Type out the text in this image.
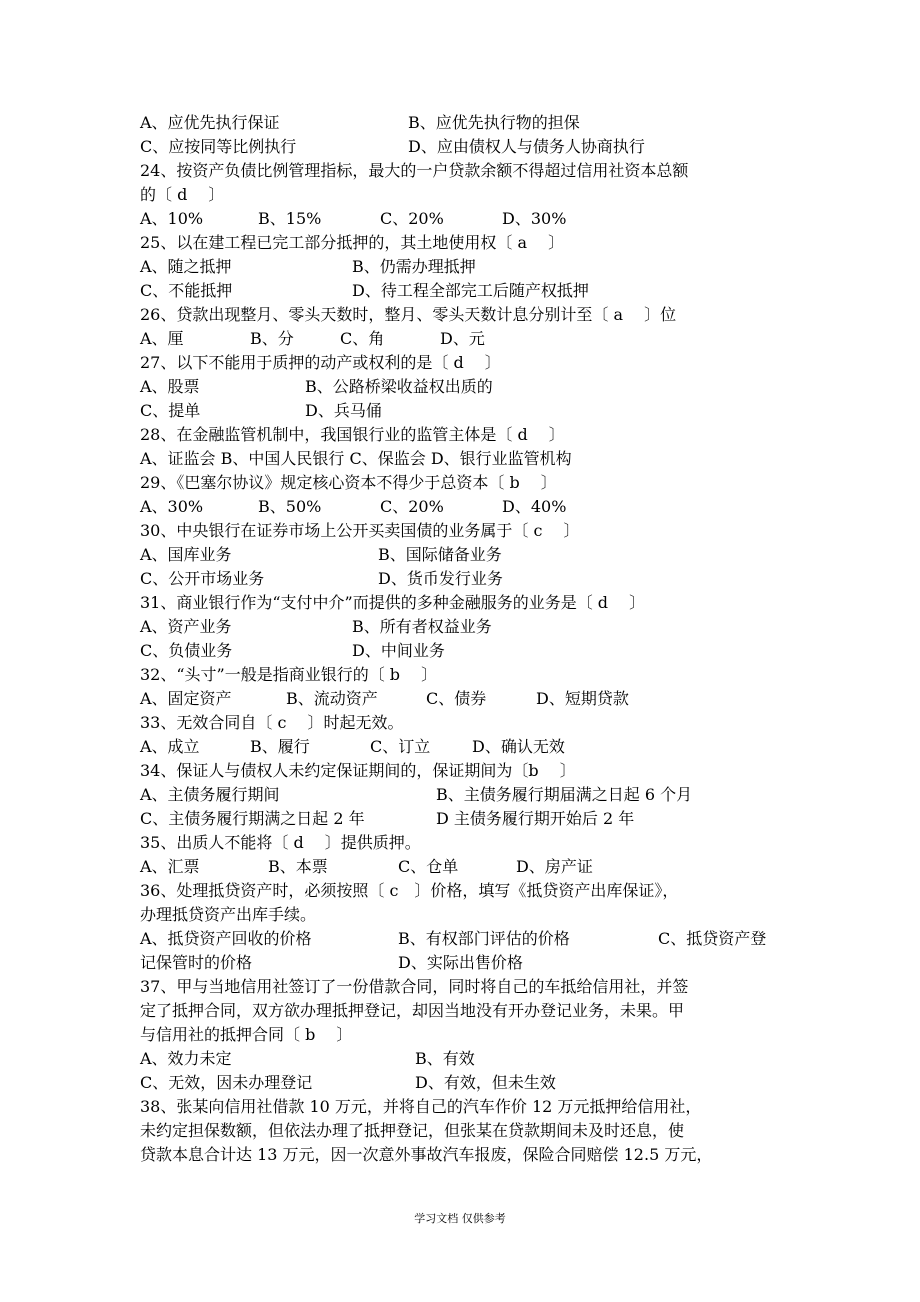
A、应优先执行保证	B、应优先执行物的担保
C、应按同等比例执行	D、应由债权人与债务人协商执行
24、按资产负债比例管理指标，最大的一户贷款余额不得超过信用社资本总额
的〔 d　 〕
A、10%	B、15%	C、20%	D、30%
25、以在建工程已完工部分抵押的，其土地使用权〔 a　 〕
A、随之抵押	B、仍需办理抵押
C、不能抵押	D、待工程全部完工后随产权抵押
26、贷款出现整月、零头天数时，整月、零头天数计息分别计至〔 a　 〕位
A、厘	B、分	C、角	D、元
27、以下不能用于质押的动产或权利的是〔 d　 〕
A、股票	B、公路桥梁收益权出质的
C、提单	D、兵马俑
28、在金融监管机制中，我国银行业的监管主体是〔 d　 〕
A、证监会 B、中国人民银行 C、保监会 D、银行业监管机构
29、《巴塞尔协议》规定核心资本不得少于总资本〔 b　 〕
A、30%	B、50%	C、20%	D、40%
30、中央银行在证券市场上公开买卖国债的业务属于〔 c　 〕
A、国库业务	B、国际储备业务
C、公开市场业务	D、货币发行业务
31、商业银行作为“支付中介”而提供的多种金融服务的业务是〔 d　 〕
A、资产业务	B、所有者权益业务
C、负债业务	D、中间业务
32、“头寸”一般是指商业银行的〔 b　 〕
A、固定资产	B、流动资产	C、债券	D、短期贷款
33、无效合同自〔 c　 〕时起无效。
A、成立	B、履行	C、订立	D、确认无效
34、保证人与债权人未约定保证期间的，保证期间为〔b　 〕
A、主债务履行期间	B、主债务履行期届满之日起 6 个月
C、主债务履行期满之日起 2 年	D 主债务履行期开始后 2 年
35、出质人不能将〔 d　 〕提供质押。
A、汇票	B、本票	C、仓单	D、房产证
36、处理抵贷资产时，必须按照〔 c　〕价格，填写《抵贷资产出库保证》，
办理抵贷资产出库手续。
A、抵贷资产回收的价格	B、有权部门评估的价格	C、抵贷资产登
记保管时的价格	D、实际出售价格
37、甲与当地信用社签订了一份借款合同，同时将自己的车抵给信用社，并签
定了抵押合同，双方欲办理抵押登记，却因当地没有开办登记业务，未果。甲
与信用社的抵押合同〔 b　 〕
A、效力未定	B、有效
C、无效，因未办理登记	D、有效，但未生效
38、张某向信用社借款 10 万元，并将自己的汽车作价 12 万元抵押给信用社，
未约定担保数额，但依法办理了抵押登记，但张某在贷款期间未及时还息，使
贷款本息合计达 13 万元，因一次意外事故汽车报废，保险合同赔偿 12.5 万元，
学习文档 仅供参考
